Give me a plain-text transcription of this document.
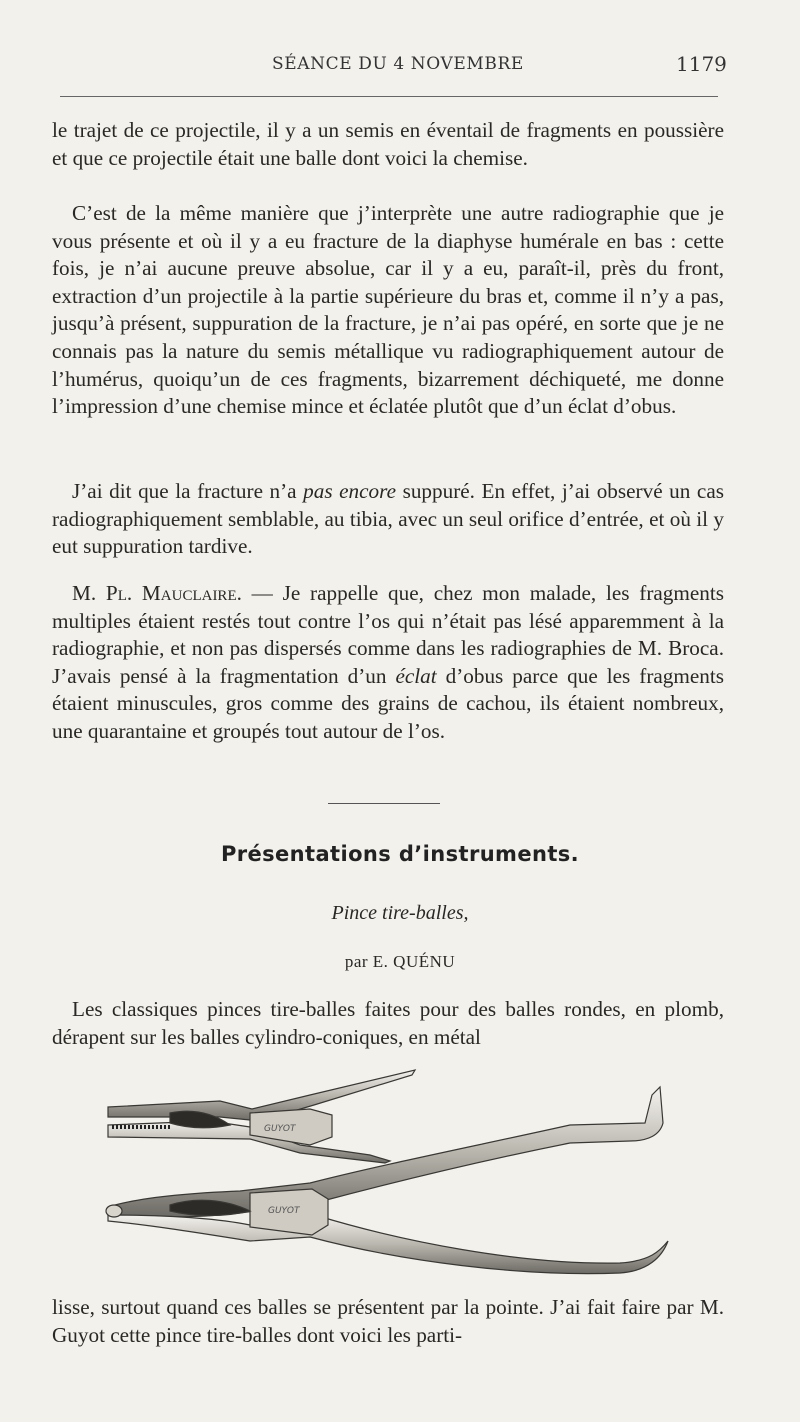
SÉANCE DU 4 NOVEMBRE	1179

le trajet de ce projectile, il y a un semis en éventail de fragments en poussière et que ce projectile était une balle dont voici la chemise.

C’est de la même manière que j’interprète une autre radiographie que je vous présente et où il y a eu fracture de la diaphyse humérale en bas : cette fois, je n’ai aucune preuve absolue, car il y a eu, paraît-il, près du front, extraction d’un projectile à la partie supérieure du bras et, comme il n’y a pas, jusqu’à présent, suppuration de la fracture, je n’ai pas opéré, en sorte que je ne connais pas la nature du semis métallique vu radiographiquement autour de l’humérus, quoiqu’un de ces fragments, bizarrement déchiqueté, me donne l’impression d’une chemise mince et éclatée plutôt que d’un éclat d’obus.

J’ai dit que la fracture n’a pas encore suppuré. En effet, j’ai observé un cas radiographiquement semblable, au tibia, avec un seul orifice d’entrée, et où il y eut suppuration tardive.

M. Pl. Mauclaire. — Je rappelle que, chez mon malade, les fragments multiples étaient restés tout contre l’os qui n’était pas lésé apparemment à la radiographie, et non pas dispersés comme dans les radiographies de M. Broca. J’avais pensé à la fragmentation d’un éclat d’obus parce que les fragments étaient minuscules, gros comme des grains de cachou, ils étaient nombreux, une quarantaine et groupés tout autour de l’os.

Présentations d’instruments.
Pince tire-balles,
par E. QUÉNU

Les classiques pinces tire-balles faites pour des balles rondes, en plomb, dérapent sur les balles cylindro-coniques, en métal

GUYOT
GUYOT

lisse, surtout quand ces balles se présentent par la pointe. J’ai fait faire par M. Guyot cette pince tire-balles dont voici les parti-
